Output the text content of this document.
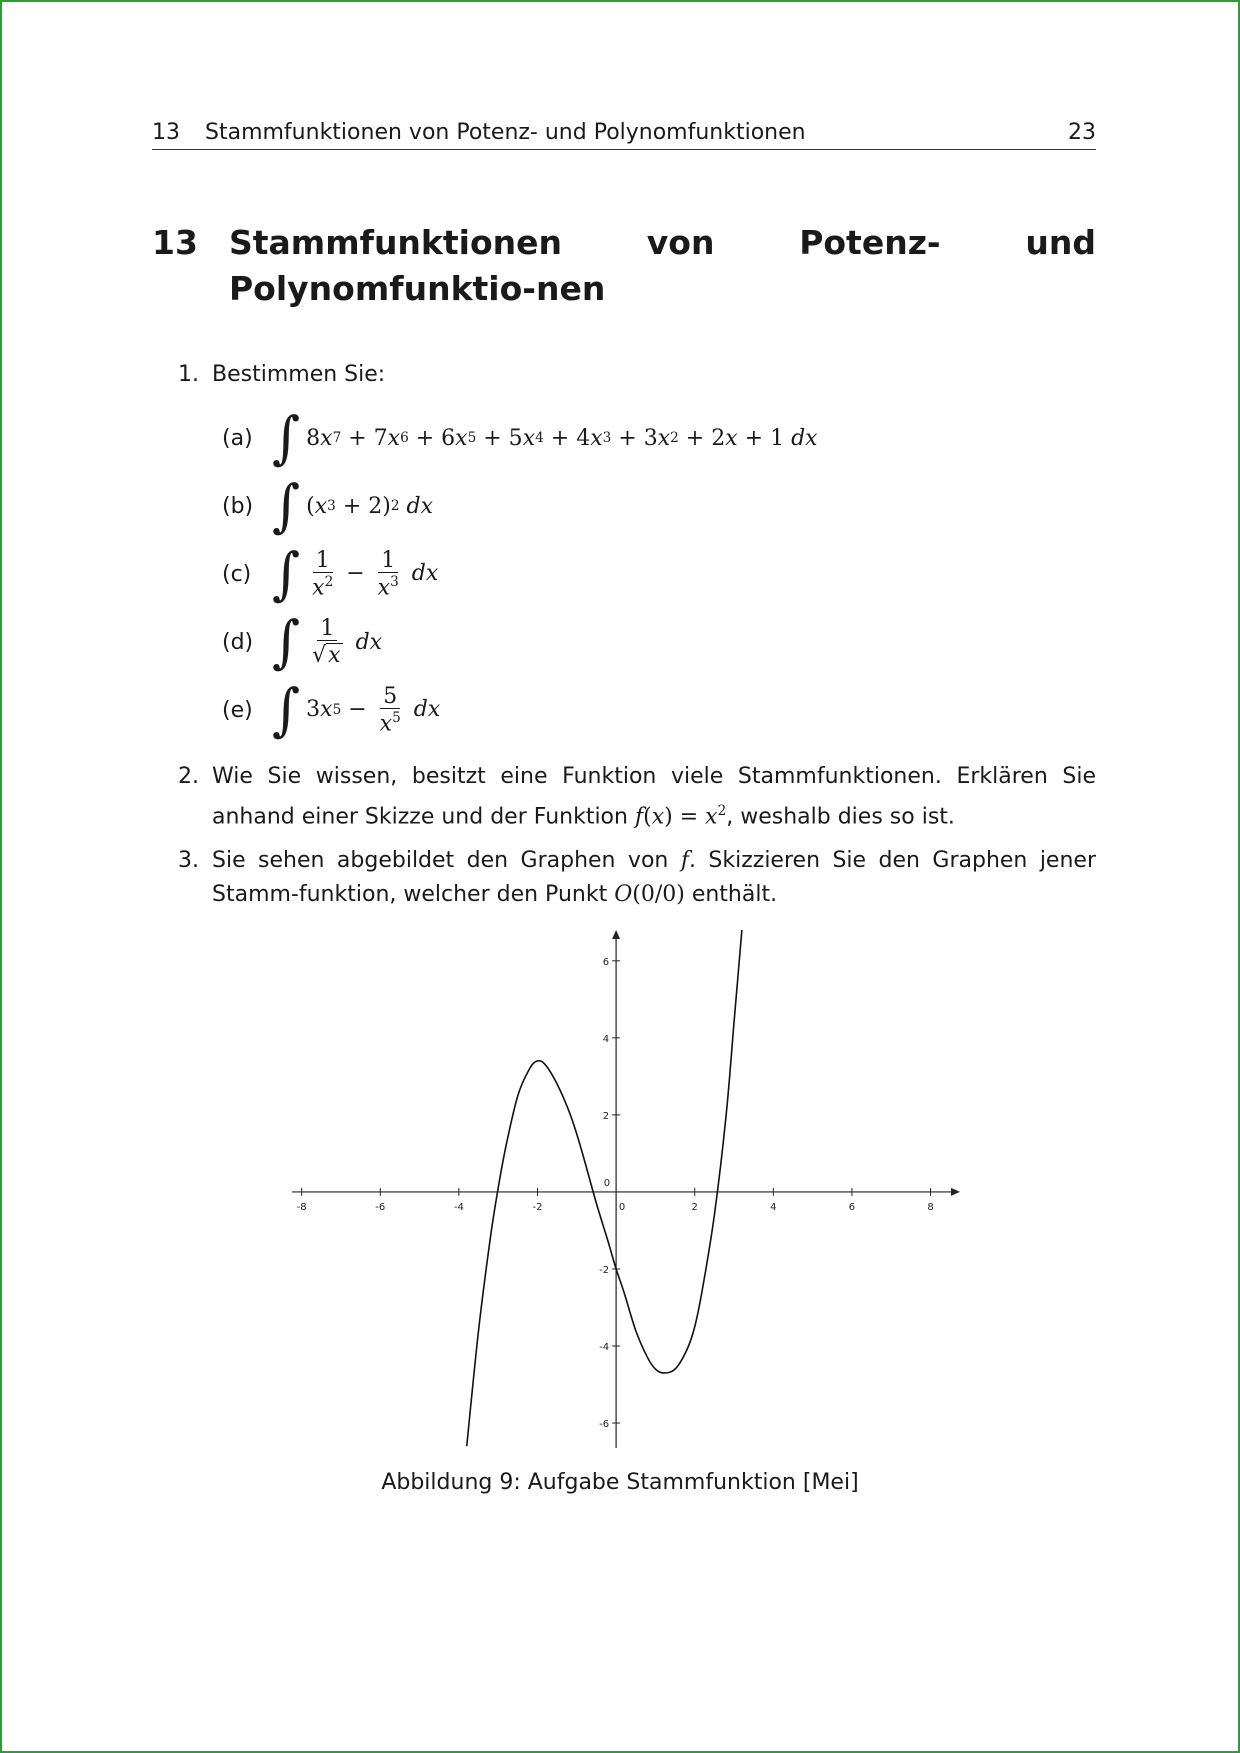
13 Stammfunktionen von Potenz- und Polynomfunktionen	23
13 Stammfunktionen von Potenz- und Polynomfunktio-nen
1. Bestimmen Sie:
(a) ∫ 8 x 7 + 7 x 6 + 6 x 5 + 5 x 4 + 4 x 3 + 3 x 2 + 2 x + 1 dx
(b) ∫ ( x 3 + 2) 2
dx
(c) ∫ $\frac{1}{x^2} - \frac{1}{x^3}$
dx
(d) ∫ $\frac{1}{√ x}$
dx
(e) ∫ 3 x $5 - \frac{5}{x^5}$
dx
2. Wie Sie wissen, besitzt eine Funktion viele Stammfunktionen. Erklären Sie anhand einer Skizze und der Funktion $f(x) = x^2$, weshalb dies so ist.
3. Sie sehen abgebildet den Graphen von f. Skizzieren Sie den Graphen jener Stamm-funktion, welcher den Punkt O(0/0) enthält.
-8	-6	-4	-2	0	2	4	6	8
-6
-4
-2
0
2
4
6
Abbildung 9: Aufgabe Stammfunktion [Mei]
